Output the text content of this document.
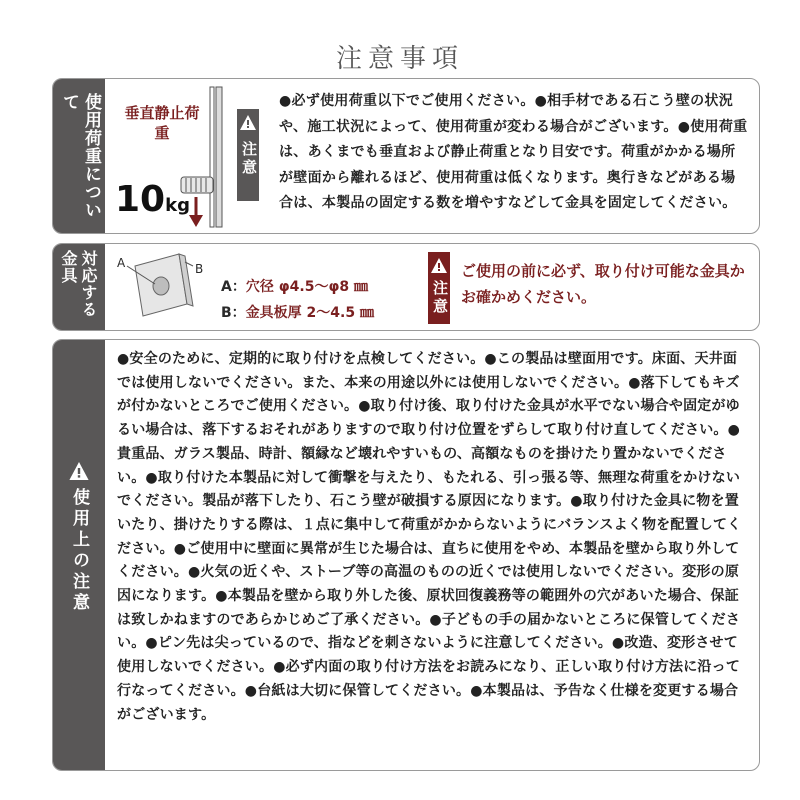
注意事項
使用荷重について
垂直静止荷重
10kg
注意
●必ず使用荷重以下でご使用ください。●相手材である石こう壁の状況や、施工状況によって、使用荷重が変わる場合がございます。●使用荷重は、あくまでも垂直および静止荷重となり目安です。荷重がかかる場所が壁面から離れるほど、使用荷重は低くなります。奥行きなどがある場合は、本製品の固定する数を増やすなどして金具を固定してください。
対応する金具	A	B
A：穴径 φ4.5〜φ8 ㎜
B：金具板厚 2〜4.5 ㎜	注意
ご使用の前に必ず、取り付け可能な金具かお確かめください。
使用上の注意
●安全のために、定期的に取り付けを点検してください。●この製品は壁面用です。床面、天井面では使用しないでください。また、本来の用途以外には使用しないでください。●落下してもキズが付かないところでご使用ください。●取り付け後、取り付けた金具が水平でない場合や固定がゆるい場合は、落下するおそれがありますので取り付け位置をずらして取り付け直してください。●貴重品、ガラス製品、時計、額縁など壊れやすいもの、高額なものを掛けたり置かないでください。●取り付けた本製品に対して衝撃を与えたり、もたれる、引っ張る等、無理な荷重をかけないでください。製品が落下したり、石こう壁が破損する原因になります。●取り付けた金具に物を置いたり、掛けたりする際は、１点に集中して荷重がかからないようにバランスよく物を配置してください。●ご使用中に壁面に異常が生じた場合は、直ちに使用をやめ、本製品を壁から取り外してください。●火気の近くや、ストーブ等の高温のものの近くでは使用しないでください。変形の原因になります。●本製品を壁から取り外した後、原状回復義務等の範囲外の穴があいた場合、保証は致しかねますのであらかじめご了承ください。●子どもの手の届かないところに保管してください。●ピン先は尖っているので、指などを刺さないように注意してください。●改造、変形させて使用しないでください。●必ず内面の取り付け方法をお読みになり、正しい取り付け方法に沿って行なってください。●台紙は大切に保管してください。●本製品は、予告なく仕様を変更する場合がございます。
